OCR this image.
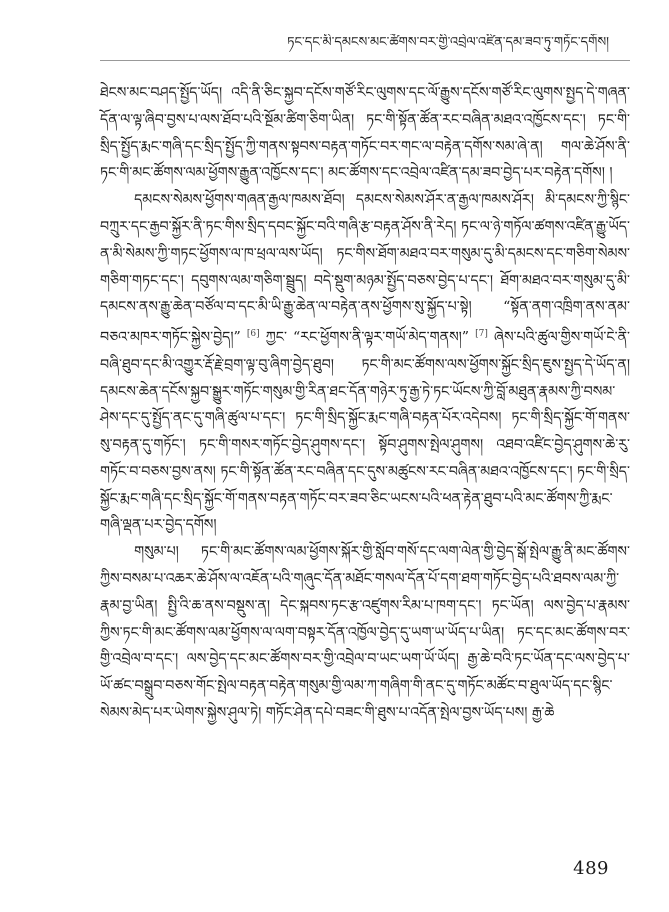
ཏང་དང་མི་དམངས་མང་ཚོགས་བར་གྱི་འབྲེལ་འཛིན་དམ་ཟབ་ཏུ་གཏོང་དགོས།

ཐེངས་མང་བཤད་སྤྱོད་ཡོད། འདི་ནི་ཅིང་སྐྱབ་དངོས་གཙོ་རིང་ལུགས་དང་ལོ་རྒྱུས་དངོས་གཙོ་རིང་ལུགས་སྤྱད་དེ་གཞན་དོན་ལ་ལྟ་ཞིབ་བྱས་པ་ལས་ཐོབ་པའི་སྔོམ་ཚིག་ཅིག་ཡིན། ཏང་གི་སྟོན་ཚོན་རང་བཞིན་མཐའ་འཁྱོངས་དང་། ཏང་གི་སྲིད་སྤྱོད་རྨང་གཞི་དང་སྲིད་སྤྱོད་ཀྱི་གནས་སྟབས་བརྟན་གཏོང་བར་གང་ལ་བརྟེན་དགོས་སམ་ཞེ་ན། གལ་ཆེ་ཤོས་ནི་ཏང་གི་མང་ཚོགས་ལམ་ཕྱོགས་རྒྱུན་འཁྱོངས་དང་། མང་ཚོགས་དང་འབྲེལ་འཛིན་དམ་ཟབ་བྱེད་པར་བརྟེན་དགོས། །

དམངས་སེམས་ཕྱོགས་གཞན་རྒྱལ་ཁམས་ཐོབ། དམངས་སེམས་ཤོར་ན་རྒྱལ་ཁམས་ཤོར། མི་དམངས་ཀྱི་སྙིང་བཀྲུར་དང་རྒྱབ་སྐྱོར་ནི་ཏང་གིས་སྲིད་དབང་སྐྱོང་བའི་གཞི་རྩ་བརྟན་ཤོས་ནི་རེད། ཏང་ལ་ཉེ་གཏོལ་ཚགས་འཛིན་རྒྱུ་ཡོད་ན་མི་སེམས་ཀྱི་གཏང་ཕྱོགས་ལ་ཁ་ཕྲལ་ལས་ཡོད། ཏང་གིས་ཐོག་མཐའ་བར་གསུམ་དུ་མི་དམངས་དང་གཅིག་སེམས་གཅིག་གཏང་དང་། དབུགས་ལམ་གཅིག་སྦྲུད། བདེ་སྡུག་མཉམ་སྤྱོད་བཅས་བྱེད་པ་དང་། ཐོག་མཐའ་བར་གསུམ་དུ་མི་དམངས་ནས་རྒྱུ་ཆེན་བཙོལ་བ་དང་མི་ཡི་རྒྱུ་ཆེན་ལ་བརྟེན་ནས་ཕྱོགས་སུ་སྐྱོད་པ་སྟེ། “སྟོན་ནག་འཁྲིག་ནས་ནམ་བཅའ་མཁར་གཏོང་སྐྱེས་བྱེད།” [6] ཀྱང་ “རང་ཕྱོགས་ནི་ལྟར་གཡོ་མེད་གནས།” [7] ཞེས་པའི་ཚུལ་གྱིས་གཡོ་ངེ་ནི་བཞི་ཐུབ་དང་མི་འགྱུར་རྡོ་རྗེ་བྲག་ལྟ་བུ་ཞིག་བྱེད་ཐུབ། ཏང་གི་མང་ཚོགས་ལས་ཕྱོགས་སྐྱོང་སྲིད་ཇུས་སྤྱད་དེ་ཡོད་ན། དམངས་ཆེན་དངོས་སྐྱབ་སྒྱུར་གཏོང་གསུམ་གྱི་རིན་ཐང་དོན་གཉེར་ཏུ་རྒྱ་ཏེ་ཏང་ཡོངས་ཀྱི་བློ་མཐུན་རྣམས་ཀྱི་བསམ་ཤེས་དང་དུ་སྤྱོད་ནང་དུ་གཞི་ཚུལ་པ་དང་། ཏང་གི་སྲིད་སྐྱོང་རྨང་གཞི་བརྟན་པོར་འདེབས། ཏང་གི་སྲིད་སྐྱོང་གོ་གནས་སུ་བརྟན་དུ་གཏོང་། ཏང་གི་གསར་གཏོང་བྱེད་ཤུགས་དང་། སྟོབ་ཤུགས་སྤེལ་ཤུགས། འཐབ་འཛིང་བྱེད་ཤུགས་ཆེ་རུ་གཏོང་བ་བཅས་བྱས་ནས། ཏང་གི་སྟོན་ཚོན་རང་བཞིན་དང་དུས་མཚུངས་རང་བཞིན་མཐའ་འཁྱོངས་དང་། ཏང་གི་སྲིད་སྐྱོང་རྨང་གཞི་དང་སྲིད་སྐྱོང་གོ་གནས་བརྟན་གཏོང་བར་ཟབ་ཅིང་ཡངས་པའི་ཕན་རྟེན་ཐུབ་པའི་མང་ཚོགས་ཀྱི་རྨང་གཞི་ལྡན་པར་བྱེད་དགོས།

གསུམ་པ། ཏང་གི་མང་ཚོགས་ལམ་ཕྱོགས་སྐོར་གྱི་སློབ་གསོ་དང་ལག་ལེན་གྱི་བྱེད་སྒོ་སྤེལ་རྒྱུ་ནི་མང་ཚོགས་ཀྱིས་བསམ་པ་འཆར་ཆེ་ཤོས་ལ་འཇོན་པའི་གཞུང་དོན་མཐོང་གསལ་དོན་པོ་དག་ཐག་གཏོང་བྱེད་པའི་ཐབས་ལམ་ཀྱི་རྣམ་བྱ་ཡིན། སྤྱི་འི་ཆ་ནས་བསྡུས་ན། དེང་སྐབས་ཏང་རྩ་འཛུགས་རིམ་པ་ཁག་དང་། ཏང་ཡོན། ལས་བྱེད་པ་རྣམས་ཀྱིས་ཏང་གི་མང་ཚོགས་ལམ་ཕྱོགས་ལ་ལག་བསྟར་དོན་འཁྱོལ་བྱེད་དུ་ཡག་ཡ་ཡོད་པ་ཡིན། ཏང་དང་མང་ཚོགས་བར་གྱི་འབྲེལ་བ་དང་། ལས་བྱེད་དང་མང་ཚོགས་བར་གྱི་འབྲེལ་བ་ཡང་ཡག་ཡོ་ཡོད། རྒྱ་ཆེ་བའི་ཏང་ཡོན་དང་ལས་བྱེད་པ་ཡོ་ཚང་བསྒྲུབ་བཅས་གོང་སྤེལ་བརྟན་བརྟེན་གསུམ་གྱི་ལམ་ཀ་གཞིག་གི་ནང་དུ་གཏོང་མཚོང་བ་ཐུལ་ཡོད་དང་སྙིང་སེམས་མེད་པར་ཡེགས་སྐྱེས་ཤུལ་ཏེ། གཏོང་ཤེན་དཔེ་བཟང་གི་ཐུས་པ་འདོན་སྤེལ་བྱས་ཡོད་པས། རྒྱ་ཆེ

489
